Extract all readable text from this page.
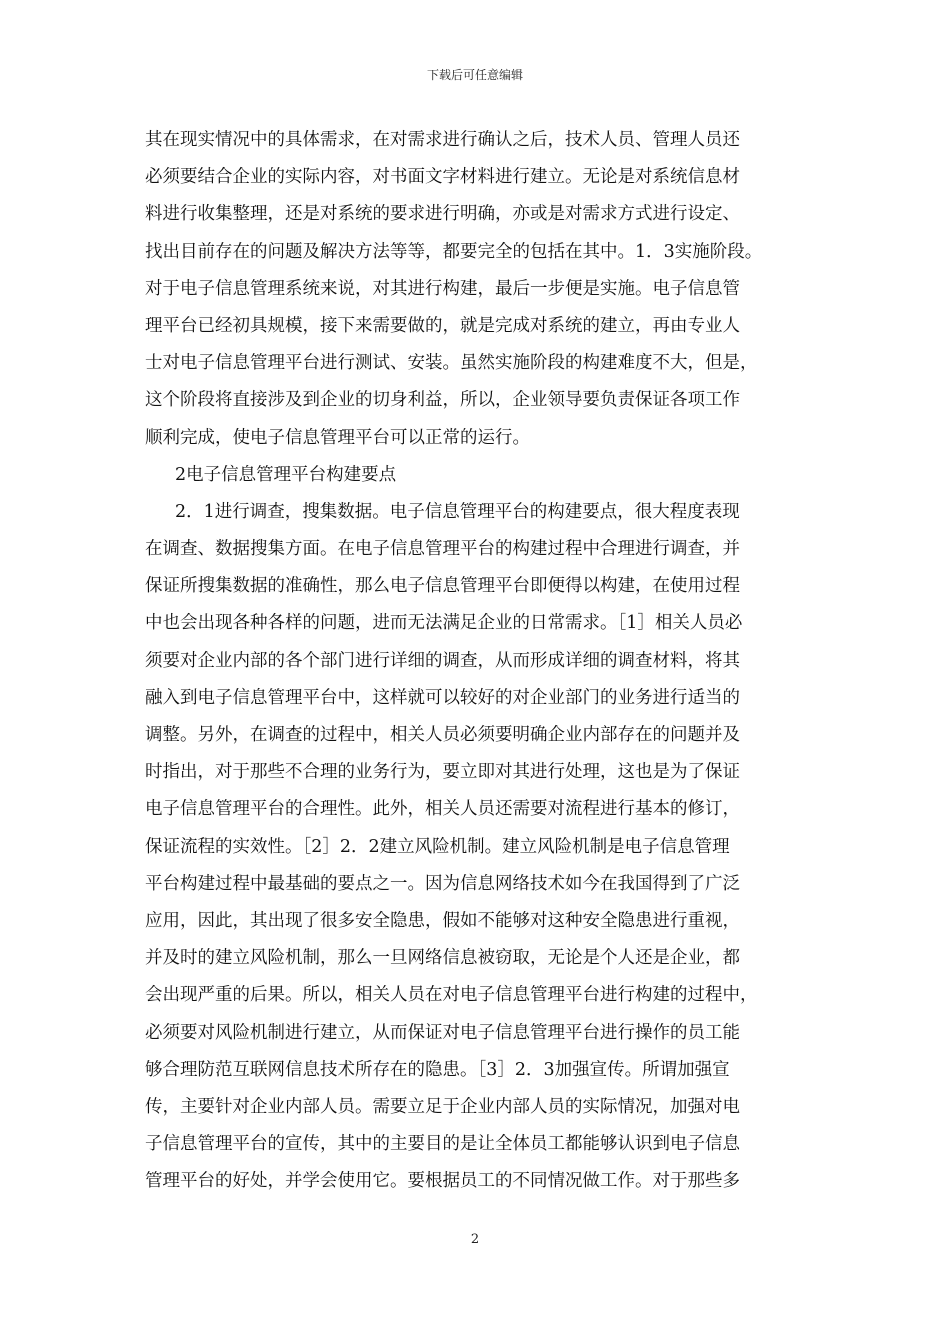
下载后可任意编辑
其在现实情况中的具体需求，在对需求进行确认之后，技术人员、管理人员还
必须要结合企业的实际内容，对书面文字材料进行建立。无论是对系统信息材
料进行收集整理，还是对系统的要求进行明确，亦或是对需求方式进行设定、
找出目前存在的问题及解决方法等等，都要完全的包括在其中。1．3实施阶段。
对于电子信息管理系统来说，对其进行构建，最后一步便是实施。电子信息管
理平台已经初具规模，接下来需要做的，就是完成对系统的建立，再由专业人
士对电子信息管理平台进行测试、安装。虽然实施阶段的构建难度不大，但是，
这个阶段将直接涉及到企业的切身利益，所以，企业领导要负责保证各项工作
顺利完成，使电子信息管理平台可以正常的运行。
2电子信息管理平台构建要点
2．1进行调查，搜集数据。电子信息管理平台的构建要点，很大程度表现
在调查、数据搜集方面。在电子信息管理平台的构建过程中合理进行调查，并
保证所搜集数据的准确性，那么电子信息管理平台即便得以构建，在使用过程
中也会出现各种各样的问题，进而无法满足企业的日常需求。［1］相关人员必
须要对企业内部的各个部门进行详细的调查，从而形成详细的调查材料，将其
融入到电子信息管理平台中，这样就可以较好的对企业部门的业务进行适当的
调整。另外，在调查的过程中，相关人员必须要明确企业内部存在的问题并及
时指出，对于那些不合理的业务行为，要立即对其进行处理，这也是为了保证
电子信息管理平台的合理性。此外，相关人员还需要对流程进行基本的修订，
保证流程的实效性。［2］2．2建立风险机制。建立风险机制是电子信息管理
平台构建过程中最基础的要点之一。因为信息网络技术如今在我国得到了广泛
应用，因此，其出现了很多安全隐患，假如不能够对这种安全隐患进行重视，
并及时的建立风险机制，那么一旦网络信息被窃取，无论是个人还是企业，都
会出现严重的后果。所以，相关人员在对电子信息管理平台进行构建的过程中，
必须要对风险机制进行建立，从而保证对电子信息管理平台进行操作的员工能
够合理防范互联网信息技术所存在的隐患。［3］2．3加强宣传。所谓加强宣
传，主要针对企业内部人员。需要立足于企业内部人员的实际情况，加强对电
子信息管理平台的宣传，其中的主要目的是让全体员工都能够认识到电子信息
管理平台的好处，并学会使用它。要根据员工的不同情况做工作。对于那些多
2
